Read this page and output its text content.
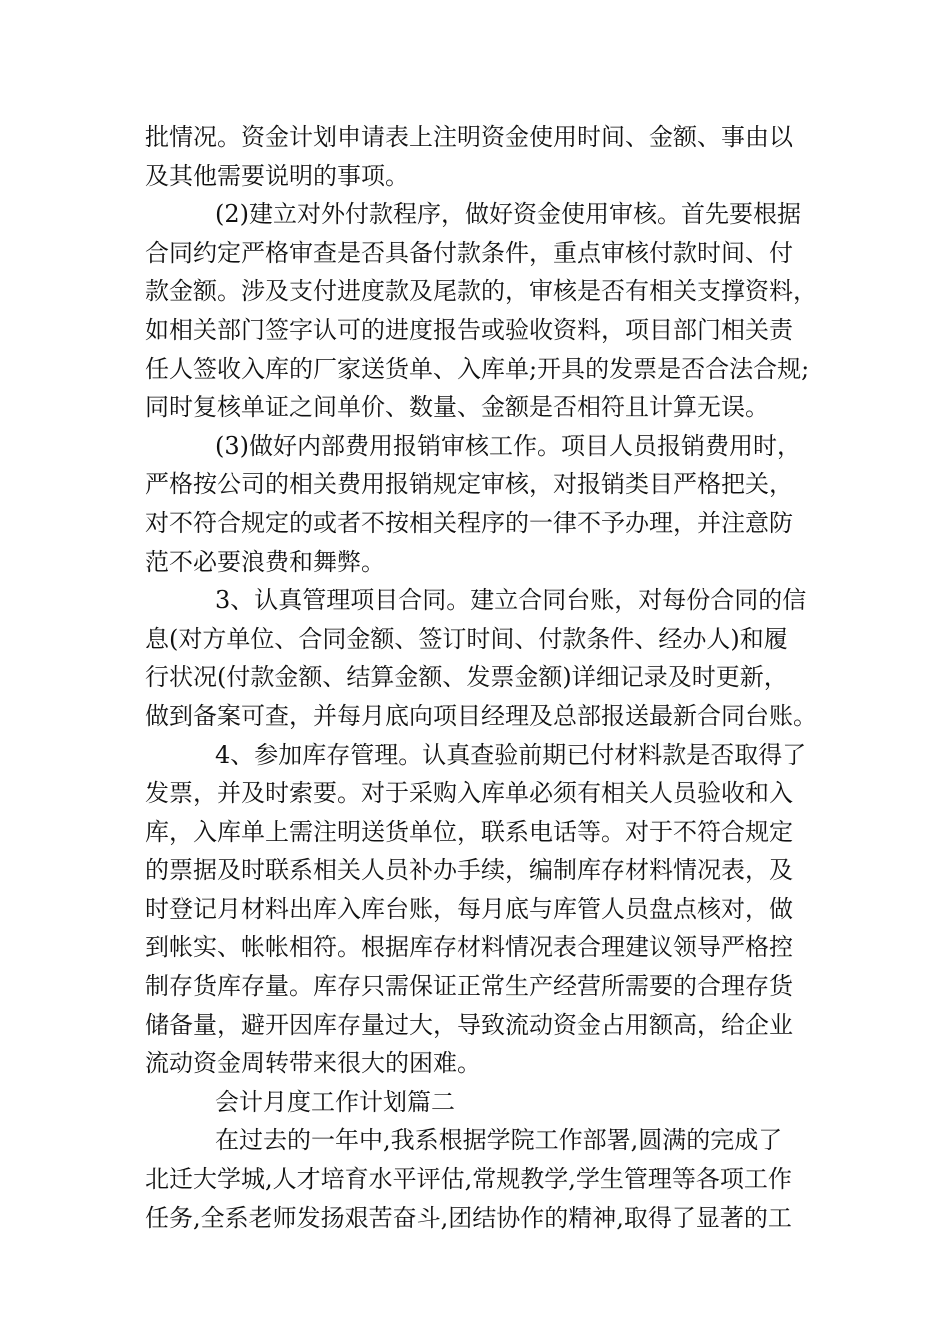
批情况。资金计划申请表上注明资金使用时间、金额、事由以
及其他需要说明的事项。
(2)建立对外付款程序，做好资金使用审核。首先要根据
合同约定严格审查是否具备付款条件，重点审核付款时间、付
款金额。涉及支付进度款及尾款的，审核是否有相关支撑资料，
如相关部门签字认可的进度报告或验收资料，项目部门相关责
任人签收入库的厂家送货单、入库单;开具的发票是否合法合规;
同时复核单证之间单价、数量、金额是否相符且计算无误。
(3)做好内部费用报销审核工作。项目人员报销费用时，
严格按公司的相关费用报销规定审核，对报销类目严格把关，
对不符合规定的或者不按相关程序的一律不予办理，并注意防
范不必要浪费和舞弊。
3、认真管理项目合同。建立合同台账，对每份合同的信
息(对方单位、合同金额、签订时间、付款条件、经办人)和履
行状况(付款金额、结算金额、发票金额)详细记录及时更新，
做到备案可查，并每月底向项目经理及总部报送最新合同台账。
4、参加库存管理。认真查验前期已付材料款是否取得了
发票，并及时索要。对于采购入库单必须有相关人员验收和入
库，入库单上需注明送货单位，联系电话等。对于不符合规定
的票据及时联系相关人员补办手续，编制库存材料情况表，及
时登记月材料出库入库台账，每月底与库管人员盘点核对，做
到帐实、帐帐相符。根据库存材料情况表合理建议领导严格控
制存货库存量。库存只需保证正常生产经营所需要的合理存货
储备量，避开因库存量过大，导致流动资金占用额高，给企业
流动资金周转带来很大的困难。
会计月度工作计划篇二
在过去的一年中,我系根据学院工作部署,圆满的完成了
北迁大学城,人才培育水平评估,常规教学,学生管理等各项工作
任务,全系老师发扬艰苦奋斗,团结协作的精神,取得了显著的工
